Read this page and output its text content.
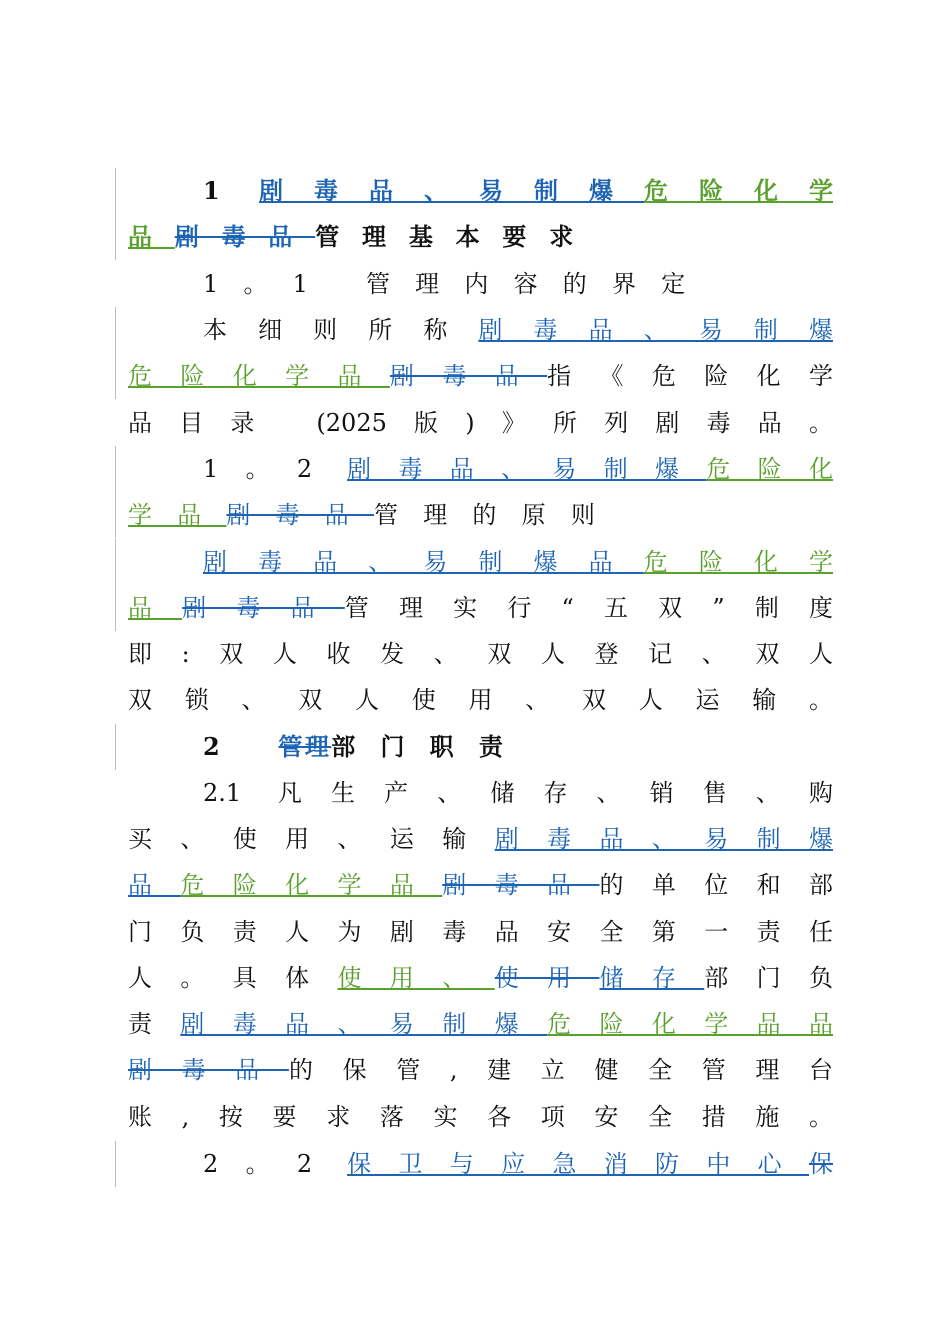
1 剧毒品、易制爆危险化学
品剧毒品管理基本要求
1。1 管理内容的界定
本细则所称剧毒品、易制爆
危险化学品剧毒品指《危险化学
品目录 (2025版)》所列剧毒品。
1。2 剧毒品、易制爆危险化
学品剧毒品管理的原则
剧毒品、易制爆品危险化学
品剧毒品管理实行“五双”制度
即:双人收发、双人登记、双人
双锁、双人使用、双人运输。
2 管理部门职责
2.1 凡生产、储存、销售、购
买、使用、运输剧毒品、易制爆
品危险化学品剧毒品的单位和部
门负责人为剧毒品安全第一责任
人。具体使用、使用储存部门负
责剧毒品、易制爆危险化学品品
剧毒品的保管,建立健全管理台
账,按要求落实各项安全措施。
2。2 保卫与应急消防中心保
